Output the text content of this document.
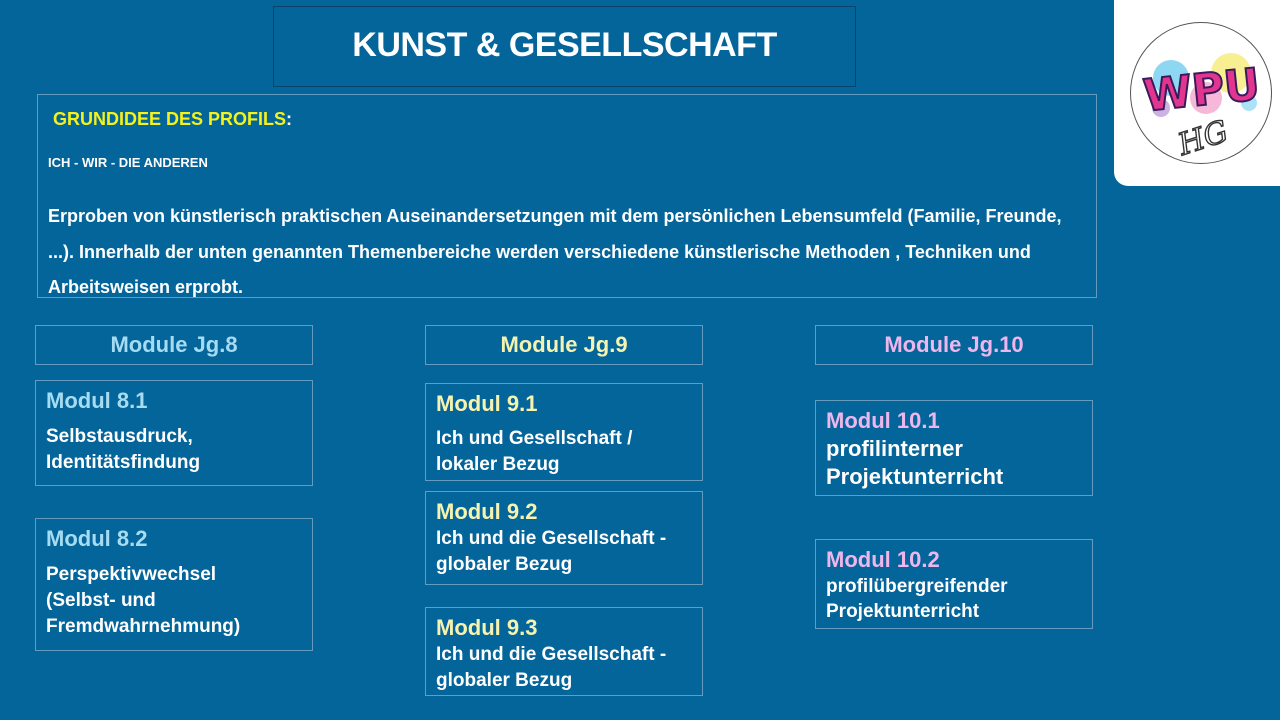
KUNST & GESELLSCHAFT
WPU
HG
GRUNDIDEE DES PROFILS:
ICH - WIR - DIE ANDEREN
Erproben von künstlerisch praktischen Auseinandersetzungen mit dem persönlichen Lebensumfeld (Familie, Freunde, ...). Innerhalb der unten genannten Themenbereiche werden verschiedene künstlerische Methoden , Techniken und Arbeitsweisen erprobt.
Module Jg.8
Modul 8.1
Selbstausdruck, Identitätsfindung
Modul 8.2
Perspektivwechsel (Selbst- und Fremdwahrnehmung)
Module Jg.9
Modul 9.1
Ich und Gesellschaft / lokaler Bezug
Modul 9.2
Ich und die Gesellschaft - globaler Bezug
Modul 9.3
Ich und die Gesellschaft - globaler Bezug
Module Jg.10
Modul 10.1
profilinterner Projektunterricht
Modul 10.2
profilübergreifender Projektunterricht
